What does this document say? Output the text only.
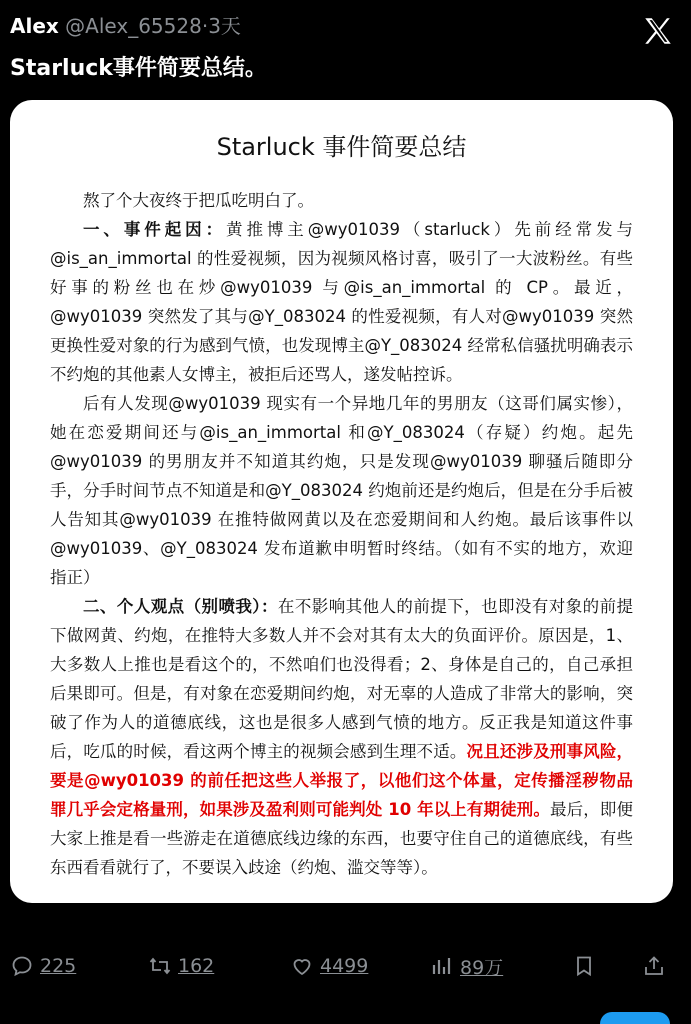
Alex @Alex_65528·3天
Starluck事件简要总结。
Starluck 事件简要总结

熬了个大夜终于把瓜吃明白了。

一、事件起因：黄推博主@wy01039（starluck）先前经常发与@is_an_immortal 的性爱视频，因为视频风格讨喜，吸引了一大波粉丝。有些好事的粉丝也在炒@wy01039 与@is_an_immortal 的 CP。最近，@wy01039 突然发了其与@Y_083024 的性爱视频，有人对@wy01039 突然更换性爱对象的行为感到气愤，也发现博主@Y_083024 经常私信骚扰明确表示不约炮的其他素人女博主，被拒后还骂人，遂发帖控诉。

后有人发现@wy01039 现实有一个异地几年的男朋友（这哥们属实惨），她在恋爱期间还与@is_an_immortal 和@Y_083024（存疑）约炮。起先@wy01039 的男朋友并不知道其约炮，只是发现@wy01039 聊骚后随即分手，分手时间节点不知道是和@Y_083024 约炮前还是约炮后，但是在分手后被人告知其@wy01039 在推特做网黄以及在恋爱期间和人约炮。最后该事件以@wy01039、@Y_083024 发布道歉申明暂时终结。（如有不实的地方，欢迎指正）

二、个人观点（别喷我）：在不影响其他人的前提下，也即没有对象的前提下做网黄、约炮，在推特大多数人并不会对其有太大的负面评价。原因是，1、大多数人上推也是看这个的，不然咱们也没得看；2、身体是自己的，自己承担后果即可。但是，有对象在恋爱期间约炮，对无辜的人造成了非常大的影响，突破了作为人的道德底线，这也是很多人感到气愤的地方。反正我是知道这件事后，吃瓜的时候，看这两个博主的视频会感到生理不适。况且还涉及刑事风险，要是@wy01039 的前任把这些人举报了，以他们这个体量，定传播淫秽物品罪几乎会定格量刑，如果涉及盈利则可能判处 10 年以上有期徒刑。最后，即便大家上推是看一些游走在道德底线边缘的东西，也要守住自己的道德底线，有些东西看看就行了，不要误入歧途（约炮、滥交等等）。

225	162	4499	89万
